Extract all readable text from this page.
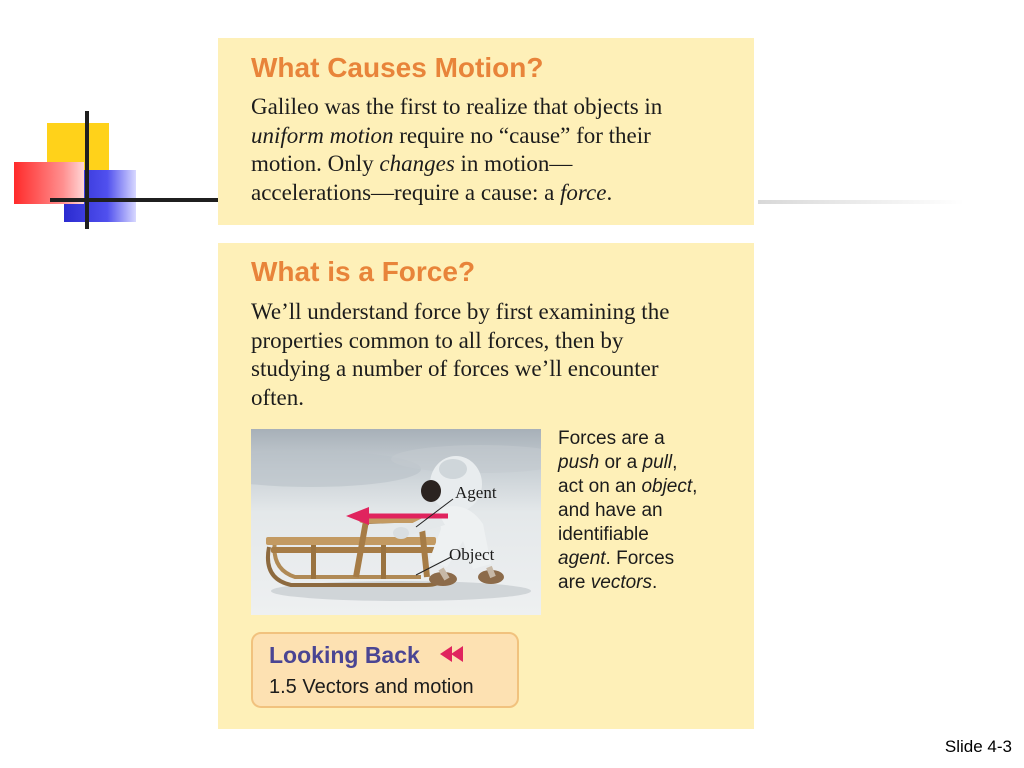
What Causes Motion?
Galileo was the first to realize that objects in
uniform motion require no “cause” for their
motion. Only changes in motion—
accelerations—require a cause: a force.
What is a Force?
We’ll understand force by first examining the
properties common to all forces, then by
studying a number of forces we’ll encounter
often.
Agent
Object
Forces are a
push or a pull,
act on an object,
and have an
identifiable
agent. Forces
are vectors.
Looking Back
1.5 Vectors and motion
Slide 4-3
